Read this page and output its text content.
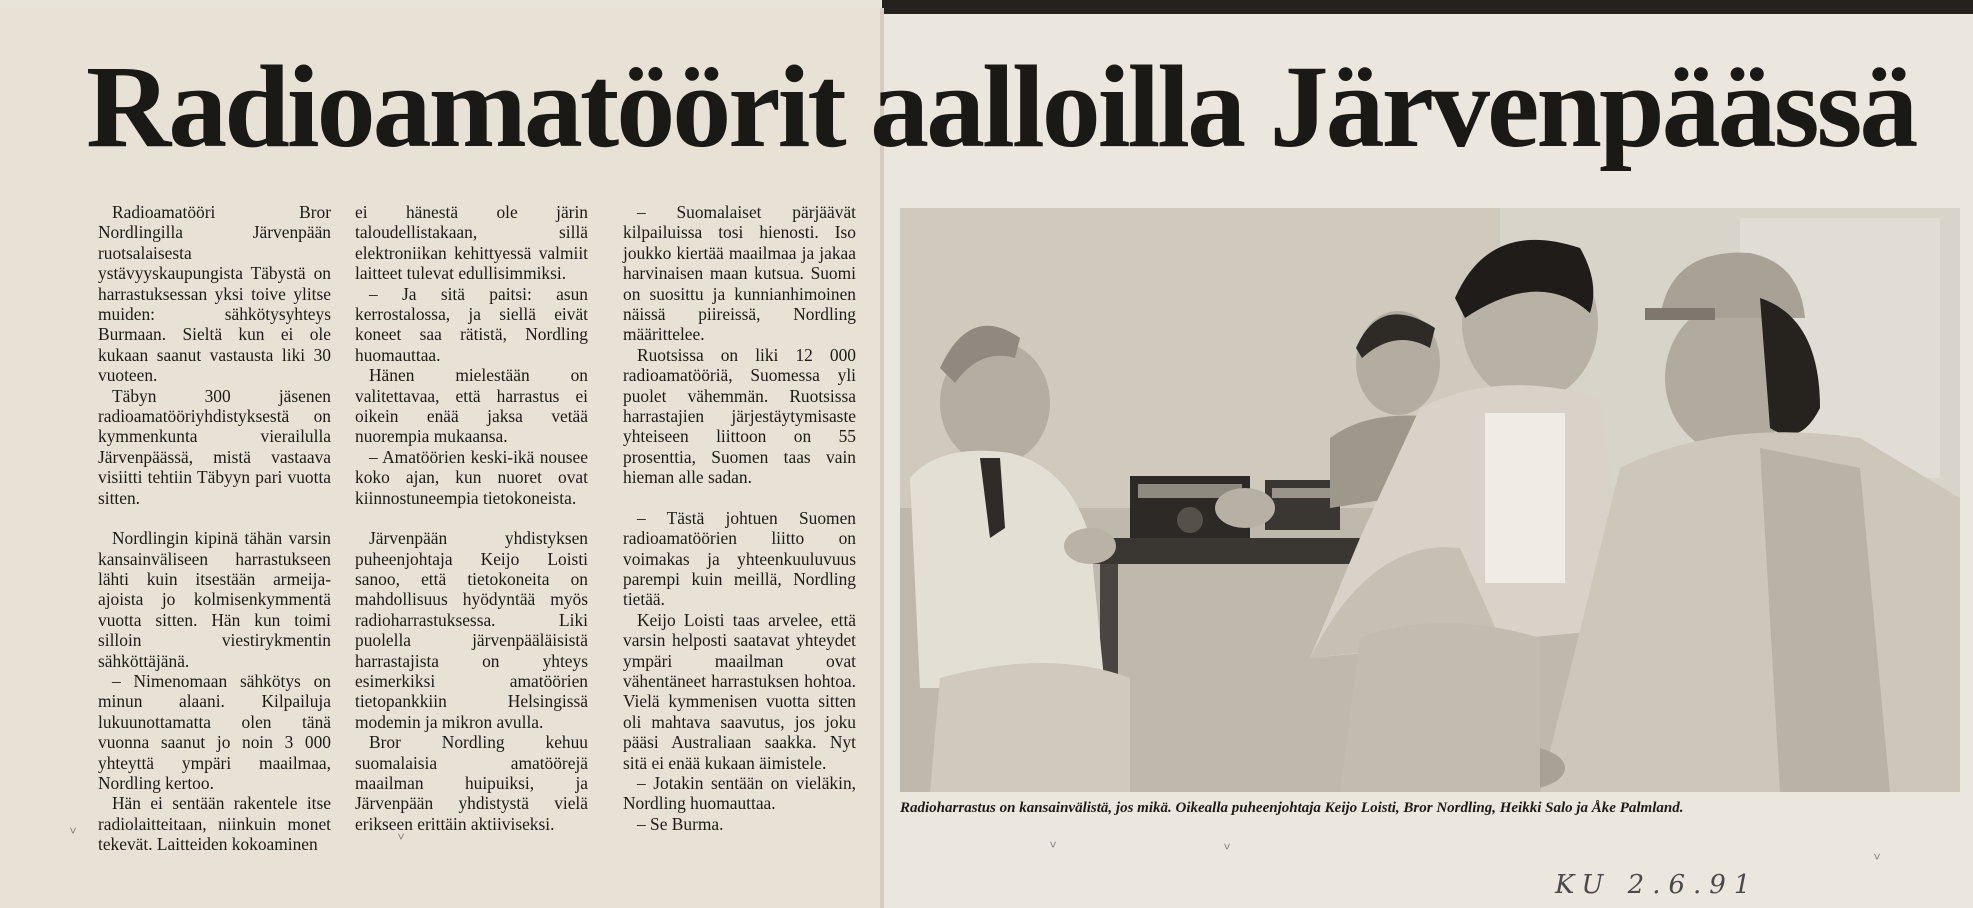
Radioamatöörit aalloilla Järvenpäässä

Radioamatööri Bror Nordlingilla Järvenpään ruotsalaisesta ystävyyskaupungista Täbystä on harrastuksessan yksi toive ylitse muiden: sähkötysyhteys Burmaan. Sieltä kun ei ole kukaan saanut vastausta liki 30 vuoteen.

Täbyn 300 jäsenen radioamatööriyhdistyksestä on kymmenkunta vierailulla Järvenpäässä, mistä vastaava visiitti tehtiin Täbyyn pari vuotta sitten.

Nordlingin kipinä tähän varsin kansainväliseen harrastukseen lähti kuin itsestään armeija-ajoista jo kolmisenkymmentä vuotta sitten. Hän kun toimi silloin viestirykmentin sähköttäjänä.

– Nimenomaan sähkötys on minun alaani. Kilpailuja lukuunottamatta olen tänä vuonna saanut jo noin 3 000 yhteyttä ympäri maailmaa, Nordling kertoo.

Hän ei sentään rakentele itse radiolaitteitaan, niinkuin monet tekevät. Laitteiden kokoaminen

ei hänestä ole järin taloudellistakaan, sillä elektroniikan kehittyessä valmiit laitteet tulevat edullisimmiksi.

– Ja sitä paitsi: asun kerrostalossa, ja siellä eivät koneet saa rätistä, Nordling huomauttaa.

Hänen mielestään on valitettavaa, että harrastus ei oikein enää jaksa vetää nuorempia mukaansa.

– Amatöörien keski-ikä nousee koko ajan, kun nuoret ovat kiinnostuneempia tietokoneista.

Järvenpään yhdistyksen puheenjohtaja Keijo Loisti sanoo, että tietokoneita on mahdollisuus hyödyntää myös radioharrastuksessa. Liki puolella järvenpääläisistä harrastajista on yhteys esimerkiksi amatöörien tietopankkiin Helsingissä modemin ja mikron avulla.

Bror Nordling kehuu suomalaisia amatöörejä maailman huipuiksi, ja Järvenpään yhdistystä vielä erikseen erittäin aktiiviseksi.

– Suomalaiset pärjäävät kilpailuissa tosi hienosti. Iso joukko kiertää maailmaa ja jakaa harvinaisen maan kutsua. Suomi on suosittu ja kunnianhimoinen näissä piireissä, Nordling määrittelee.

Ruotsissa on liki 12 000 radioamatööriä, Suomessa yli puolet vähemmän. Ruotsissa harrastajien järjestäytymisaste yhteiseen liittoon on 55 prosenttia, Suomen taas vain hieman alle sadan.

– Tästä johtuen Suomen radioamatöörien liitto on voimakas ja yhteenkuuluvuus parempi kuin meillä, Nordling tietää.

Keijo Loisti taas arvelee, että varsin helposti saatavat yhteydet ympäri maailman ovat vähentäneet harrastuksen hohtoa. Vielä kymmenisen vuotta sitten oli mahtava saavutus, jos joku pääsi Australiaan saakka. Nyt sitä ei enää kukaan äimistele.

– Jotakin sentään on vieläkin, Nordling huomauttaa.

– Se Burma.

Radioharrastus on kansainvälistä, jos mikä. Oikealla puheenjohtaja Keijo Loisti, Bror Nordling, Heikki Salo ja Åke Palmland.
KU 2.6.91
ⱽ	ⱽ
ⱽ	ⱽ
ⱽ
